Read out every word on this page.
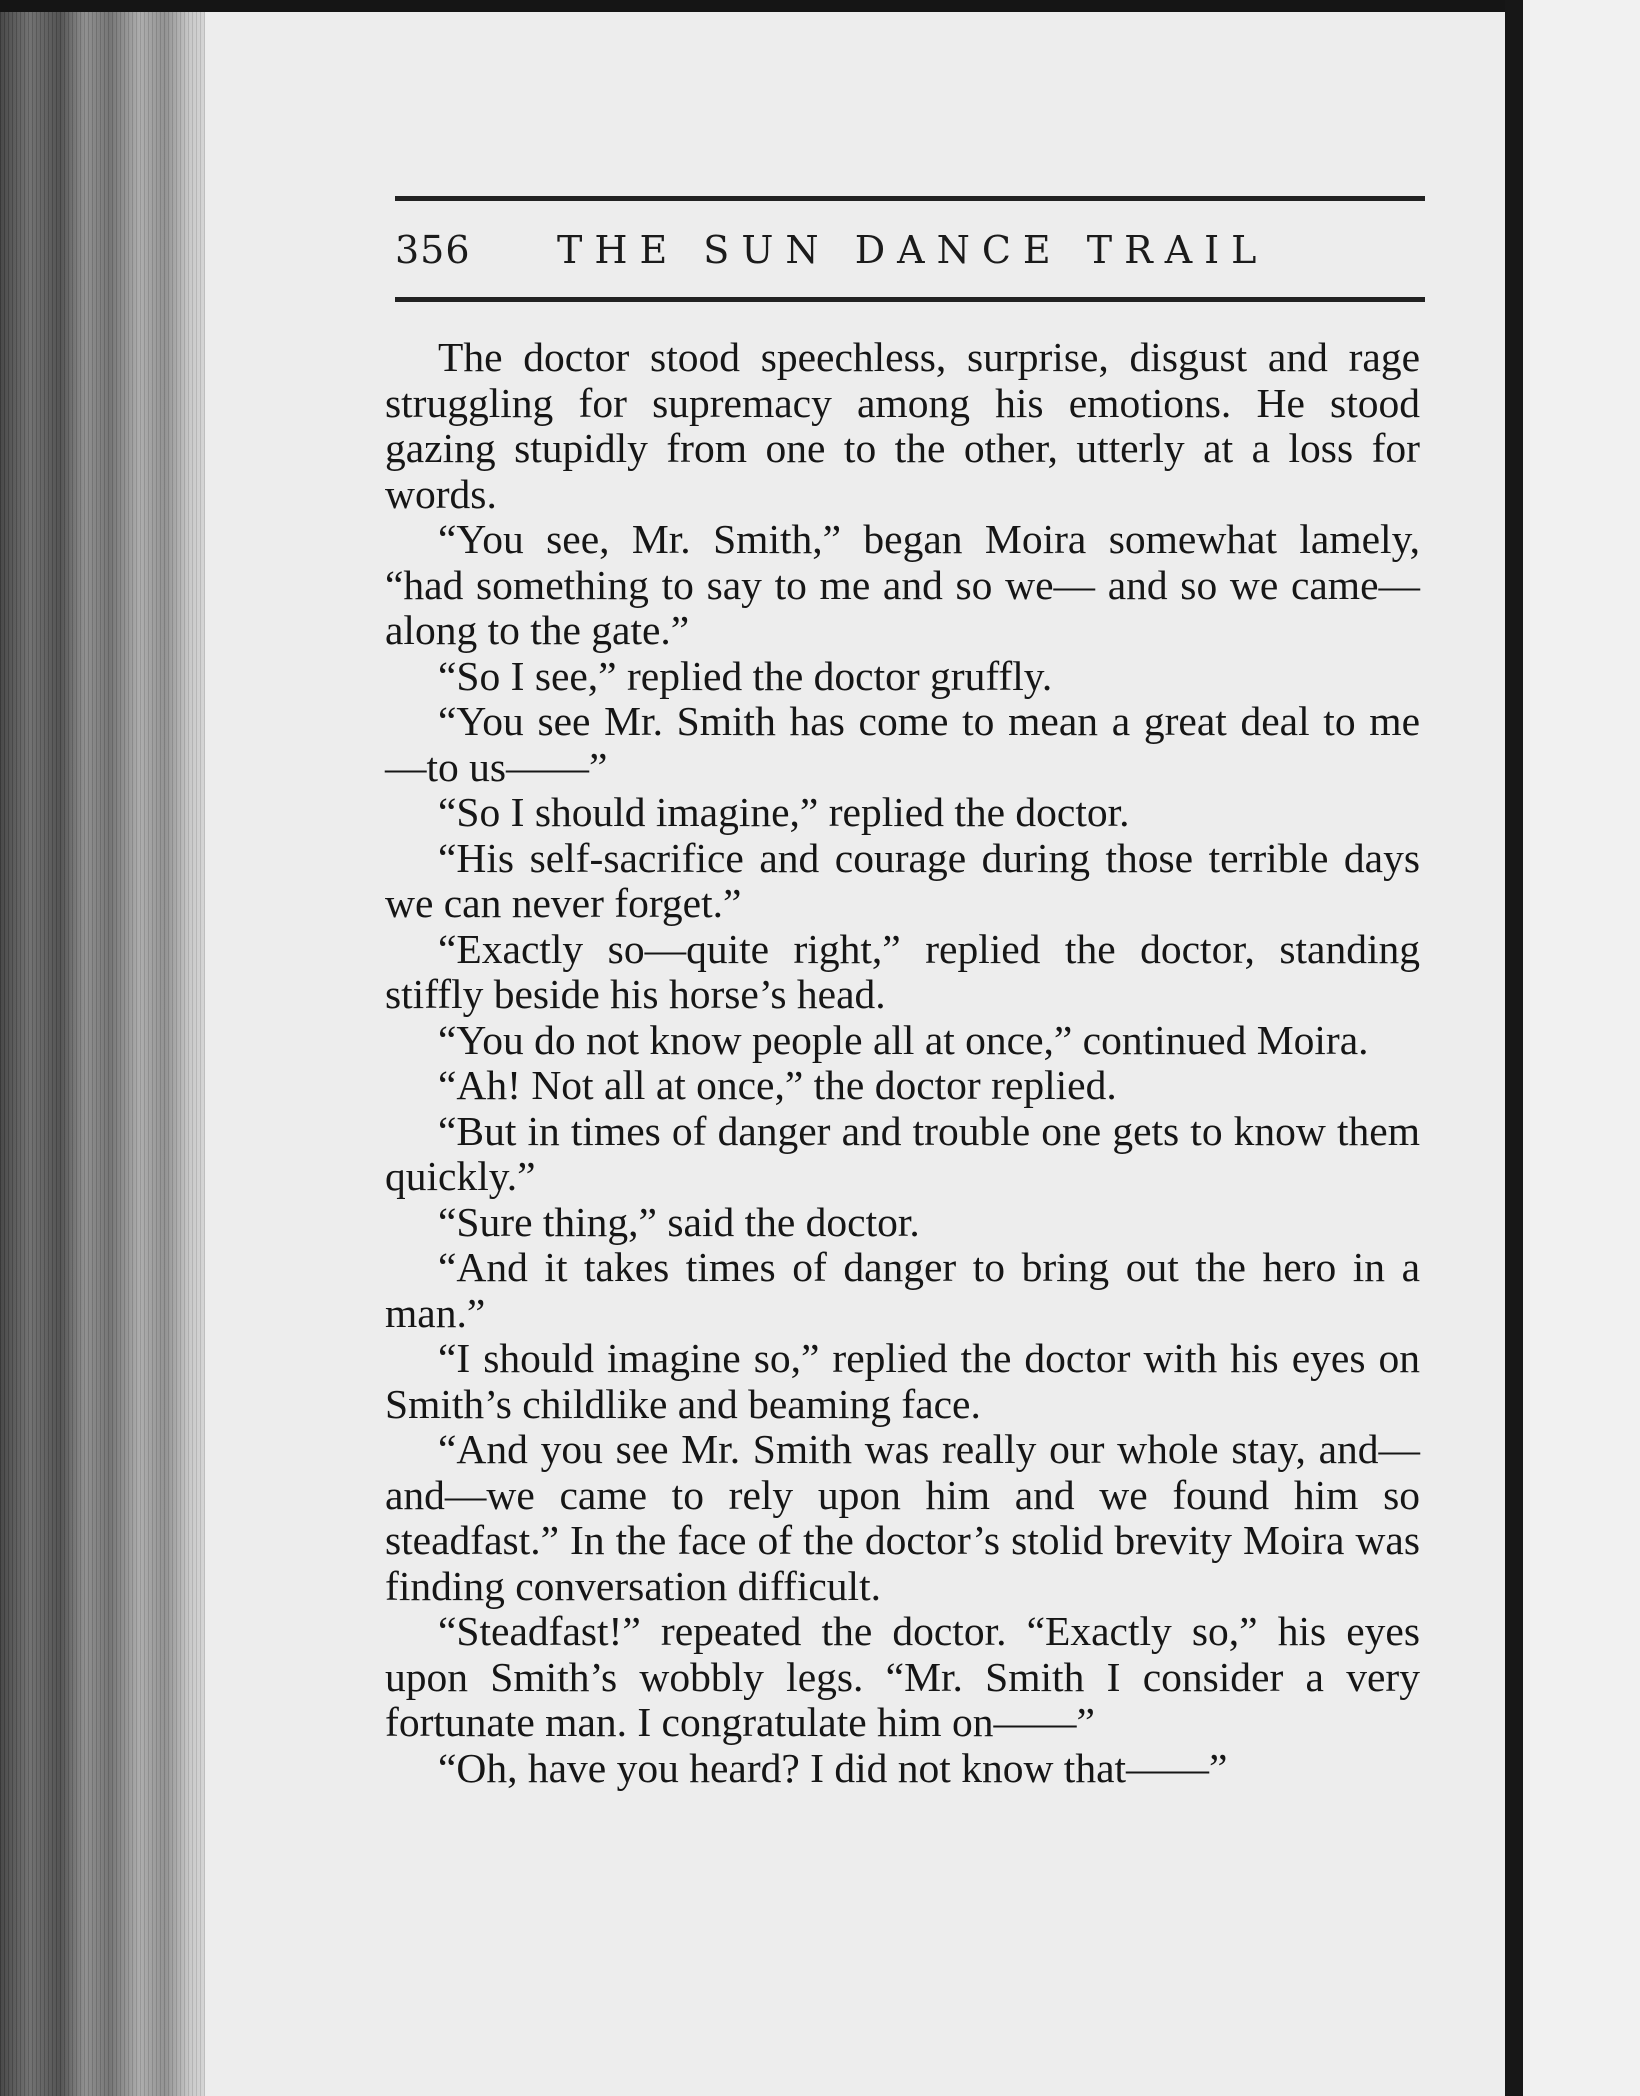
356 THE SUN DANCE TRAIL

The doctor stood speechless, surprise, disgust and rage struggling for supremacy among his emotions. He stood gazing stupidly from one to the other, utterly at a loss for words.

“You see, Mr. Smith,” began Moira somewhat lamely, “had something to say to me and so we— and so we came—along to the gate.”

“So I see,” replied the doctor gruffly.

“You see Mr. Smith has come to mean a great deal to me—to us——”

“So I should imagine,” replied the doctor.

“His self-sacrifice and courage during those terrible days we can never forget.”

“Exactly so—quite right,” replied the doctor, standing stiffly beside his horse’s head.

“You do not know people all at once,” continued Moira.

“Ah! Not all at once,” the doctor replied.

“But in times of danger and trouble one gets to know them quickly.”

“Sure thing,” said the doctor.

“And it takes times of danger to bring out the hero in a man.”

“I should imagine so,” replied the doctor with his eyes on Smith’s childlike and beaming face.

“And you see Mr. Smith was really our whole stay, and—and—we came to rely upon him and we found him so steadfast.” In the face of the doctor’s stolid brevity Moira was finding conversation difficult.

“Steadfast!” repeated the doctor. “Exactly so,” his eyes upon Smith’s wobbly legs. “Mr. Smith I consider a very fortunate man. I congratulate him on——”

“Oh, have you heard? I did not know that——”
